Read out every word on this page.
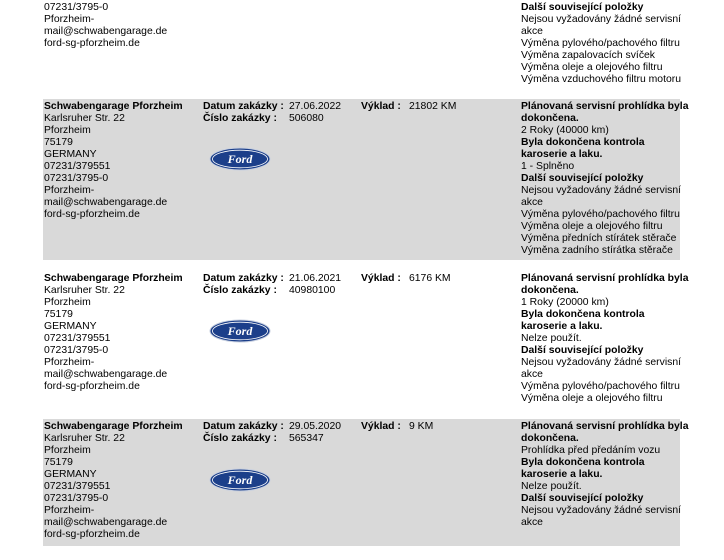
07231/3795-0
Pforzheim-
mail@schwabengarage.de
ford-sg-pforzheim.de
Další související položky
Nejsou vyžadovány žádné servisní
akce
Výměna pylového/pachového filtru
Výměna zapalovacích svíček
Výměna oleje a olejového filtru
Výměna vzduchového filtru motoru
Schwabengarage Pforzheim
Karlsruher Str. 22
Pforzheim
75179
GERMANY
07231/379551
07231/3795-0
Pforzheim-
mail@schwabengarage.de
ford-sg-pforzheim.de
Datum zakázky : 27.06.2022
Číslo zakázky : 506080
Ford
Výklad : 21802 KM	Plánovaná servisní prohlídka byla
dokončena.
2 Roky (40000 km)
Byla dokončena kontrola
karoserie a laku.
1 - Splněno
Další související položky
Nejsou vyžadovány žádné servisní
akce
Výměna pylového/pachového filtru
Výměna oleje a olejového filtru
Výměna předních stírátek stěrače
Výměna zadního stírátka stěrače
Schwabengarage Pforzheim
Karlsruher Str. 22
Pforzheim
75179
GERMANY
07231/379551
07231/3795-0
Pforzheim-
mail@schwabengarage.de
ford-sg-pforzheim.de
Datum zakázky : 21.06.2021
Číslo zakázky : 40980100
Ford
Výklad : 6176 KM	Plánovaná servisní prohlídka byla
dokončena.
1 Roky (20000 km)
Byla dokončena kontrola
karoserie a laku.
Nelze použít.
Další související položky
Nejsou vyžadovány žádné servisní
akce
Výměna pylového/pachového filtru
Výměna oleje a olejového filtru
Schwabengarage Pforzheim
Karlsruher Str. 22
Pforzheim
75179
GERMANY
07231/379551
07231/3795-0
Pforzheim-
mail@schwabengarage.de
ford-sg-pforzheim.de
Datum zakázky : 29.05.2020
Číslo zakázky : 565347
Ford
Výklad : 9 KM	Plánovaná servisní prohlídka byla
dokončena.
Prohlídka před předáním vozu
Byla dokončena kontrola
karoserie a laku.
Nelze použít.
Další související položky
Nejsou vyžadovány žádné servisní
akce
